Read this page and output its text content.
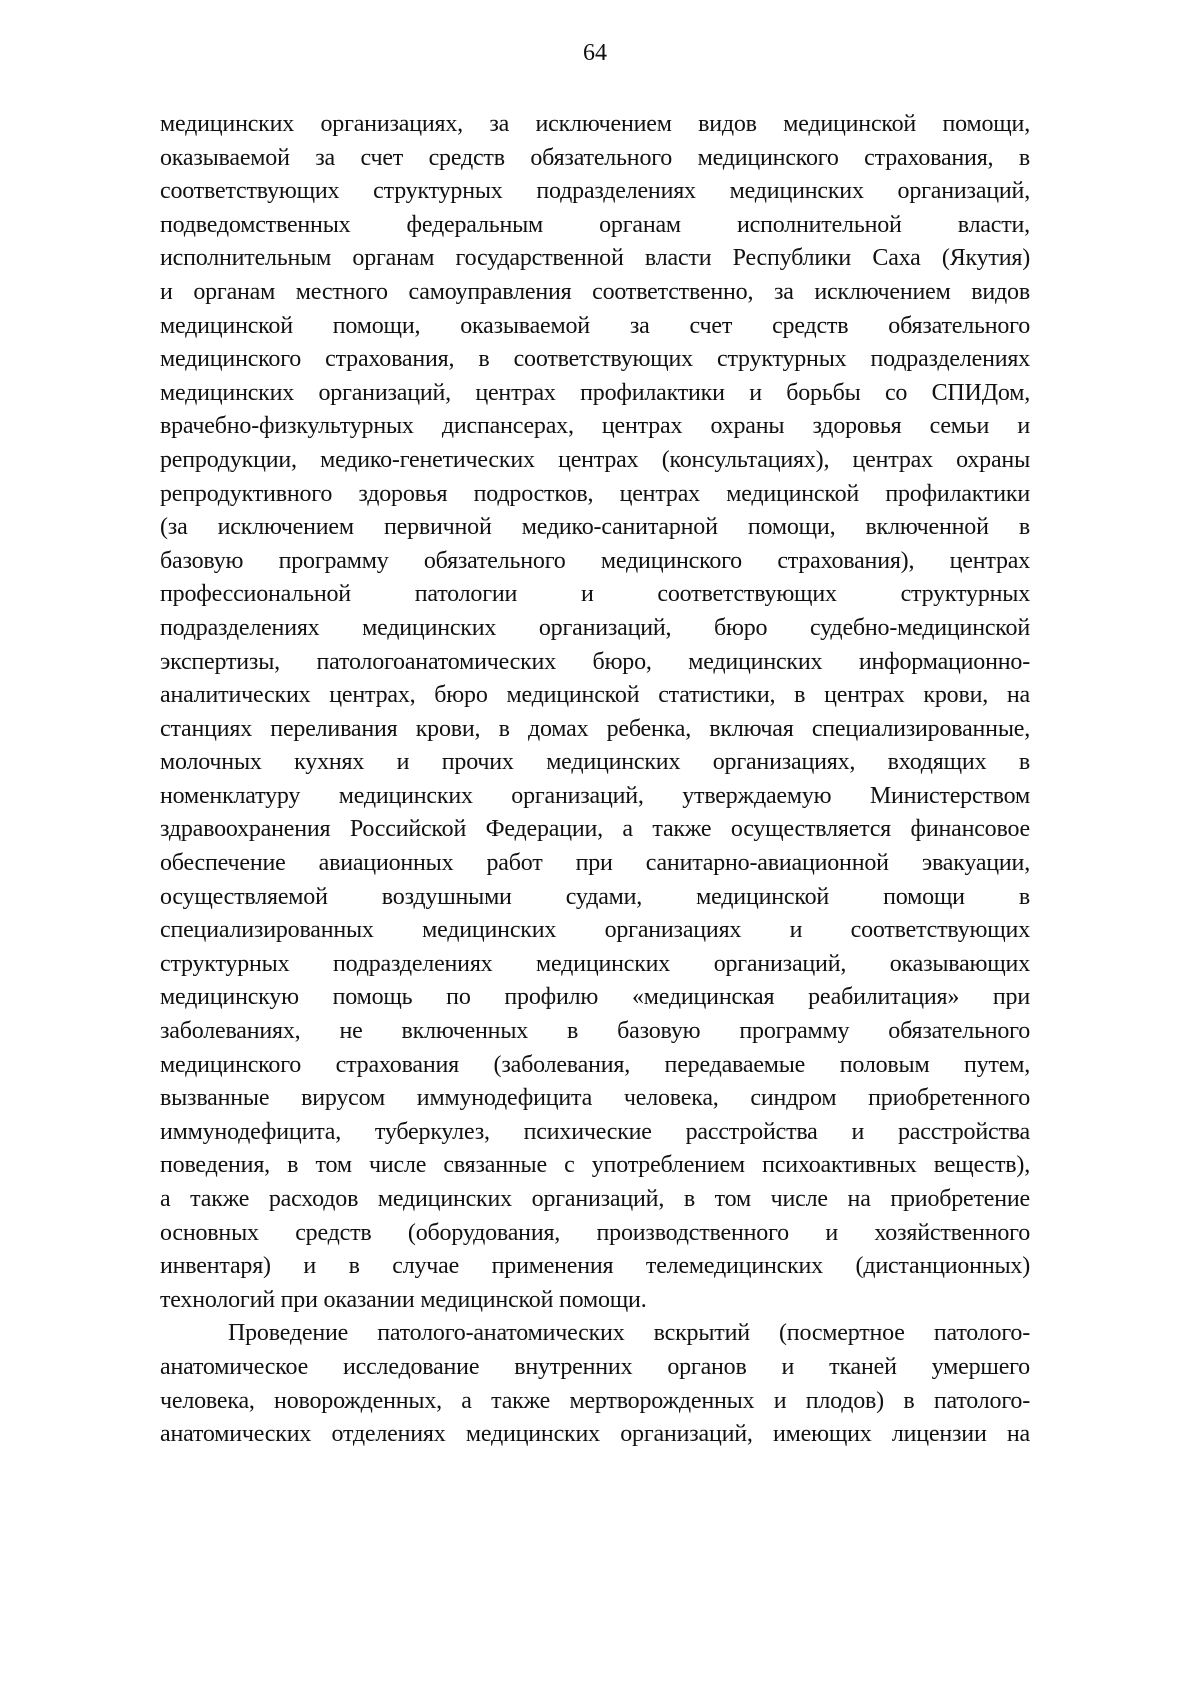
64
медицинских организациях, за исключением видов медицинской помощи,
оказываемой за счет средств обязательного медицинского страхования, в
соответствующих структурных подразделениях медицинских организаций,
подведомственных федеральным органам исполнительной власти,
исполнительным органам государственной власти Республики Саха (Якутия)
и органам местного самоуправления соответственно, за исключением видов
медицинской помощи, оказываемой за счет средств обязательного
медицинского страхования, в соответствующих структурных подразделениях
медицинских организаций, центрах профилактики и борьбы со СПИДом,
врачебно-физкультурных диспансерах, центрах охраны здоровья семьи и
репродукции, медико-генетических центрах (консультациях), центрах охраны
репродуктивного здоровья подростков, центрах медицинской профилактики
(за исключением первичной медико-санитарной помощи, включенной в
базовую программу обязательного медицинского страхования), центрах
профессиональной патологии и соответствующих структурных
подразделениях медицинских организаций, бюро судебно-медицинской
экспертизы, патологоанатомических бюро, медицинских информационно-
аналитических центрах, бюро медицинской статистики, в центрах крови, на
станциях переливания крови, в домах ребенка, включая специализированные,
молочных кухнях и прочих медицинских организациях, входящих в
номенклатуру медицинских организаций, утверждаемую Министерством
здравоохранения Российской Федерации, а также осуществляется финансовое
обеспечение авиационных работ при санитарно-авиационной эвакуации,
осуществляемой воздушными судами, медицинской помощи в
специализированных медицинских организациях и соответствующих
структурных подразделениях медицинских организаций, оказывающих
медицинскую помощь по профилю «медицинская реабилитация» при
заболеваниях, не включенных в базовую программу обязательного
медицинского страхования (заболевания, передаваемые половым путем,
вызванные вирусом иммунодефицита человека, синдром приобретенного
иммунодефицита, туберкулез, психические расстройства и расстройства
поведения, в том числе связанные с употреблением психоактивных веществ),
а также расходов медицинских организаций, в том числе на приобретение
основных средств (оборудования, производственного и хозяйственного
инвентаря) и в случае применения телемедицинских (дистанционных)
технологий при оказании медицинской помощи.
Проведение патолого-анатомических вскрытий (посмертное патолого-
анатомическое исследование внутренних органов и тканей умершего
человека, новорожденных, а также мертворожденных и плодов) в патолого-
анатомических отделениях медицинских организаций, имеющих лицензии на
